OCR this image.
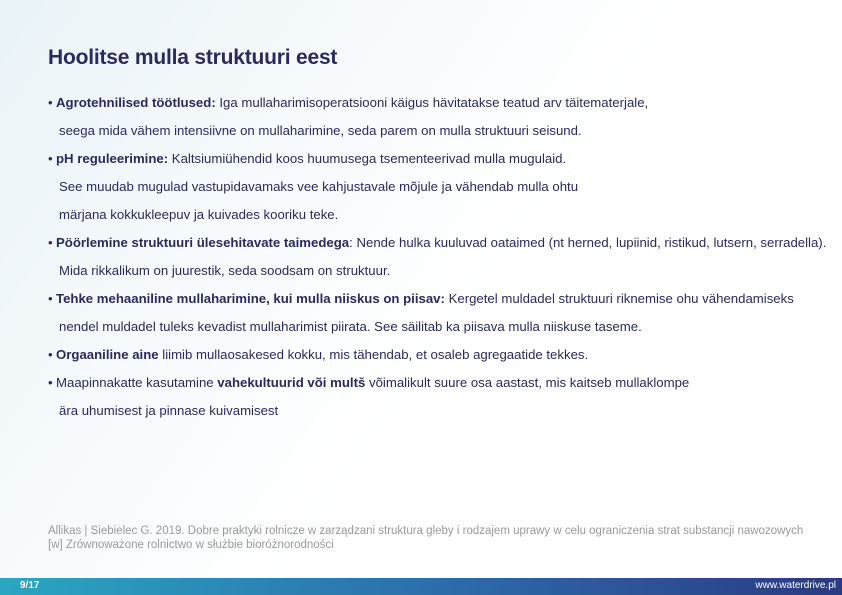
Hoolitse mulla struktuuri eest
• Agrotehnilised töötlused: Iga mullaharimisoperatsiooni käigus hävitatakse teatud arv täitematerjale,
seega mida vähem intensiivne on mullaharimine, seda parem on mulla struktuuri seisund.
• pH reguleerimine: Kaltsiumiühendid koos huumusega tsementeerivad mulla mugulaid.
See muudab mugulad vastupidavamaks vee kahjustavale mõjule ja vähendab mulla ohtu
märjana kokkukleepuv ja kuivades kooriku teke.
• Pöörlemine struktuuri ülesehitavate taimedega: Nende hulka kuuluvad oataimed (nt herned, lupiinid, ristikud, lutsern, serradella).
Mida rikkalikum on juurestik, seda soodsam on struktuur.
• Tehke mehaaniline mullaharimine, kui mulla niiskus on piisav: Kergetel muldadel struktuuri riknemise ohu vähendamiseks
nendel muldadel tuleks kevadist mullaharimist piirata. See säilitab ka piisava mulla niiskuse taseme.
• Orgaaniline aine liimib mullaosakesed kokku, mis tähendab, et osaleb agregaatide tekkes.
• Maapinnakatte kasutamine vahekultuurid või multš võimalikult suure osa aastast, mis kaitseb mullaklompe
ära uhumisest ja pinnase kuivamisest
Allikas | Siebielec G. 2019. Dobre praktyki rolnicze w zarządzani struktura gleby i rodzajem uprawy w celu ograniczenia strat substancji nawozowych [w] Zrównoważone rolnictwo w służbie bioróżnorodności
9/17	www.waterdrive.pl
